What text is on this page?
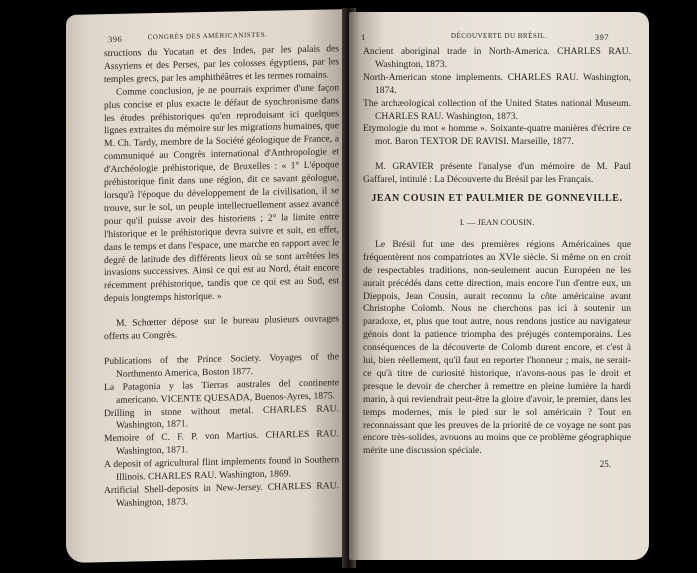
396	CONGRÈS DES AMÉRICANISTES.

structions du Yucatan et des Indes, par les palais des Assyriens et des Perses, par les colosses égyptiens, par les temples grecs, par les amphithéâtres et les termes romains.

Comme conclusion, je ne pourrais exprimer d'une façon plus concise et plus exacte le défaut de synchronisme dans les études préhistoriques qu'en reproduisant ici quelques lignes extraites du mémoire sur les migrations humaines, que M. Ch. Tardy, membre de la Société géologique de France, a communiqué au Congrès international d'Anthropologie et d'Archéologie préhistorique, de Bruxelles : « 1° L'époque préhistorique finit dans une région, dit ce savant géologue, lorsqu'à l'époque du développement de la civilisation, il se trouve, sur le sol, un peuple intellectuellement assez avancé pour qu'il puisse avoir des historiens ; 2° la limite entre l'historique et le préhistorique devra suivre et suit, en effet, dans le temps et dans l'espace, une marche en rapport avec le degré de latitude des différents lieux où se sont arrêtées les invasions successives. Ainsi ce qui est au Nord, était encore récemment préhistorique, tandis que ce qui est au Sud, est depuis longtemps historique. »

M. Schœtter dépose sur le bureau plusieurs ouvrages offerts au Congrès.

Publications of the Prince Society. Voyages of the Northmento America, Boston 1877.

La Patagonia y las Tierras australes del continente americano. VICENTE QUESADA, Buenos-Ayres, 1875.

Drilling in stone without metal. CHARLES RAU. Washington, 1871.

Memoire of C. F. P. von Martius. CHARLES RAU. Washington, 1871.

A deposit of agricultural flint implements found in Southern Illinois. CHARLES RAU. Washington, 1869.

Artificial Shell-deposits in New-Jersey. CHARLES RAU. Washington, 1873.

1	DÉCOUVERTE DU BRÉSIL.	397

Ancient aboriginal trade in North-America. CHARLES RAU. Washington, 1873.

North-American stone implements. CHARLES RAU. Washington, 1874.

The archæological collection of the United States national Museum. CHARLES RAU. Washington, 1873.

Etymologie du mot « homme ». Soixante-quatre manières d'écrire ce mot. Baron TEXTOR DE RAVISI. Marseille, 1877.

M. GRAVIER présente l'analyse d'un mémoire de M. Paul Gaffarel, intitulé : La Découverte du Brésil par les Français.

JEAN COUSIN ET PAULMIER DE GONNEVILLE.
I. — JEAN COUSIN.

Le Brésil fut une des premières régions Américaines que fréquentèrent nos compatriotes au XVIe siècle. Si même on en croit de respectables traditions, non-seulement aucun Européen ne les aurait précédés dans cette direction, mais encore l'un d'entre eux, un Dieppois, Jean Cousin, aurait reconnu la côte américaine avant Christophe Colomb. Nous ne cherchons pas ici à soutenir un paradoxe, et, plus que tout autre, nous rendons justice au navigateur génois dont la patience triompha des préjugés contemporains. Les conséquences de la découverte de Colomb durent encore, et c'est à lui, bien réellement, qu'il faut en reporter l'honneur ; mais, ne serait-ce qu'à titre de curiosité historique, n'avons-nous pas le droit et presque le devoir de chercher à remettre en pleine lumière la hardi marin, à qui reviendrait peut-être la gloire d'avoir, le premier, dans les temps modernes, mis le pied sur le sol américain ? Tout en reconnaissant que les preuves de la priorité de ce voyage ne sont pas encore très-solides, avouons au moins que ce problème géographique mérite une discussion spéciale.

25.
